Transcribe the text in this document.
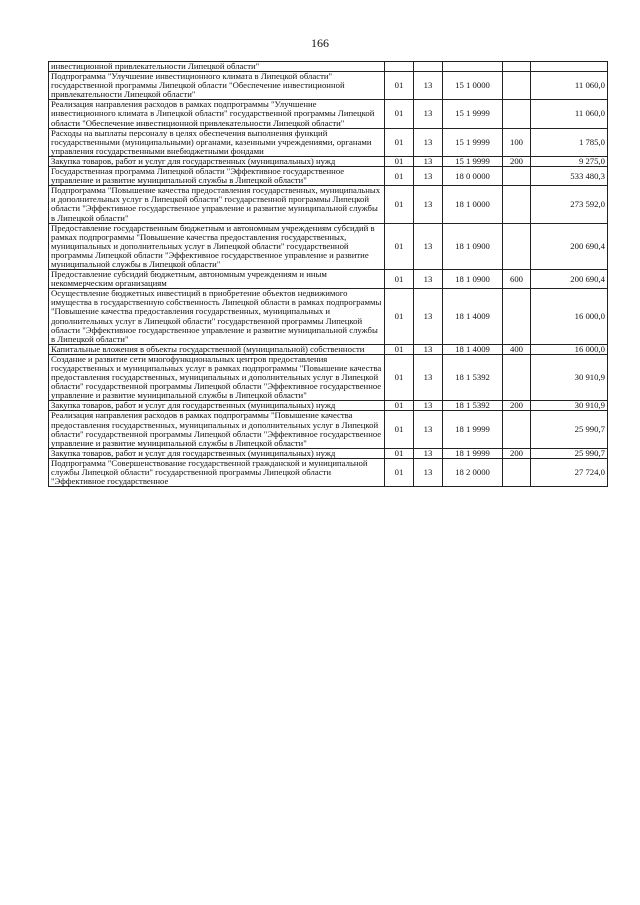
166
инвестиционной привлекательности Липецкой области"					
Подпрограмма "Улучшение инвестиционного климата в Липецкой области" государственной программы Липецкой области "Обеспечение инвестиционной привлекательности Липецкой области"	01	13	15 1 0000		11 060,0
Реализация направления расходов в рамках подпрограммы "Улучшение инвестиционного климата в Липецкой области" государственной программы Липецкой области "Обеспечение инвестиционной привлекательности Липецкой области"	01	13	15 1 9999		11 060,0
Расходы на выплаты персоналу в целях обеспечения выполнения функций государственными (муниципальными) органами, казенными учреждениями, органами управления государственными внебюджетными фондами	01	13	15 1 9999	100	1 785,0
Закупка товаров, работ и услуг для государственных (муниципальных) нужд	01	13	15 1 9999	200	9 275,0
Государственная программа Липецкой области "Эффективное государственное управление и развитие муниципальной службы в Липецкой области"	01	13	18 0 0000		533 480,3
Подпрограмма "Повышение качества предоставления государственных, муниципальных и дополнительных услуг в Липецкой области" государственной программы Липецкой области "Эффективное государственное управление и развитие муниципальной службы в Липецкой области"	01	13	18 1 0000		273 592,0
Предоставление государственным бюджетным и автономным учреждениям субсидий в рамках подпрограммы "Повышение качества предоставления государственных, муниципальных и дополнительных услуг в Липецкой области" государственной программы Липецкой области "Эффективное государственное управление и развитие муниципальной службы в Липецкой области"	01	13	18 1 0900		200 690,4
Предоставление субсидий бюджетным, автономным учреждениям и иным некоммерческим организациям	01	13	18 1 0900	600	200 690,4
Осуществление бюджетных инвестиций в приобретение объектов недвижимого имущества в государственную собственность Липецкой области в рамках подпрограммы "Повышение качества предоставления государственных, муниципальных и дополнительных услуг в Липецкой области" государственной программы Липецкой области "Эффективное государственное управление и развитие муниципальной службы в Липецкой области"	01	13	18 1 4009		16 000,0
Капитальные вложения в объекты государственной (муниципальной) собственности	01	13	18 1 4009	400	16 000,0
Создание и развитие сети многофункциональных центров предоставления государственных и муниципальных услуг в рамках подпрограммы "Повышение качества предоставления государственных, муниципальных и дополнительных услуг в Липецкой области" государственной программы Липецкой области "Эффективное государственное управление и развитие муниципальной службы в Липецкой области"	01	13	18 1 5392		30 910,9
Закупка товаров, работ и услуг для государственных (муниципальных) нужд	01	13	18 1 5392	200	30 910,9
Реализация направления расходов в рамках подпрограммы "Повышение качества предоставления государственных, муниципальных и дополнительных услуг в Липецкой области" государственной программы Липецкой области "Эффективное государственное управление и развитие муниципальной службы в Липецкой области"	01	13	18 1 9999		25 990,7
Закупка товаров, работ и услуг для государственных (муниципальных) нужд	01	13	18 1 9999	200	25 990,7
Подпрограмма "Совершенствование государственной гражданской и муниципальной службы Липецкой области" государственной программы Липецкой области "Эффективное государственное	01	13	18 2 0000		27 724,0
